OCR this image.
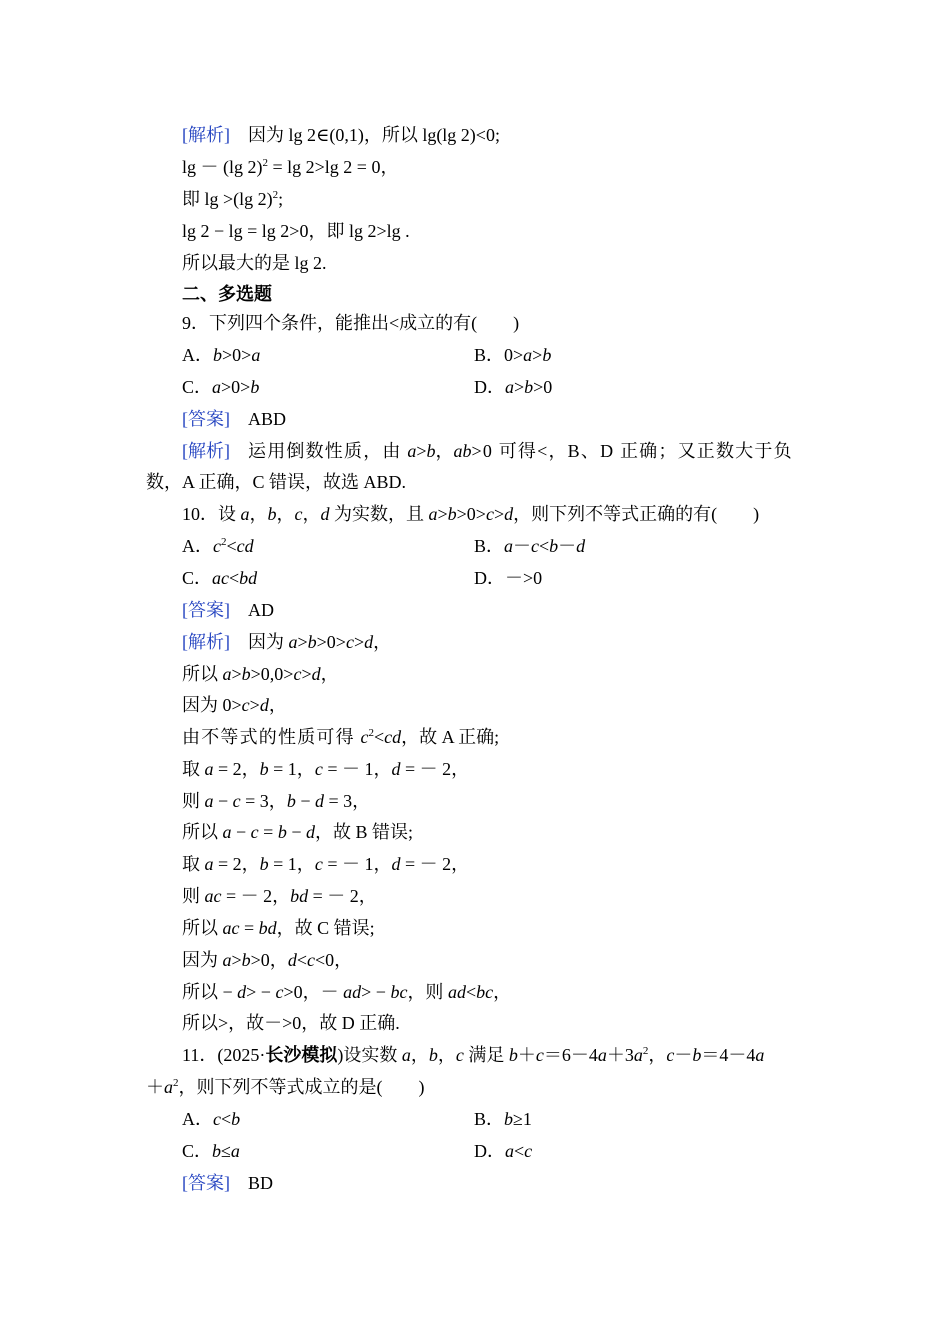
[解析] 因为 lg 2∈(0,1)，所以 lg(lg 2)<0;
lg － (lg 2)$^2$ = lg 2>lg 2 = 0，
即 lg >(lg 2)$^2$;
lg 2 − lg = lg 2>0，即 lg 2>lg .
所以最大的是 lg 2.
二、多选题
9．下列四个条件，能推出<成立的有(　　)
A．b>0>a	B．0>a>b
C．a>0>b	D．a>b>0
[答案] ABD
[解析] 运用倒数性质，由 a>b，ab>0 可得<，B、D 正确；又正数大于负
数，A 正确，C 错误，故选 ABD.
10．设 a，b，c，d 为实数，且 a>b>0>c>d，则下列不等式正确的有(　　)
A．$c^2<cd$	B．a－c<b－d
C．ac<bd	D．－>0
[答案] AD
[解析] 因为 a>b>0>c>d，
所以 a>b>0,0>c>d，
因为 0>c>d，
由不等式的性质可得 $c^2<cd$，故 A 正确;
取 a = 2，b = 1，c = － 1，d = － 2，
则 a − c = 3，b − d = 3，
所以 a − c = b − d，故 B 错误;
取 a = 2，b = 1，c = － 1，d = － 2，
则 ac = － 2，bd = － 2，
所以 ac = bd，故 C 错误;
因为 a>b>0，d<c<0，
所以 − d> − c>0，－ ad> − bc，则 ad<bc，
所以>，故－>0，故 D 正确.
11．(2025·长沙模拟)设实数 a，b，c 满足 $b+c=6-4a+3a^2$，c－b＝4－4a
$+a^2$，则下列不等式成立的是(　　)
A．c<b	B．b≥1
C．b≤a	D．a<c
[答案] BD
